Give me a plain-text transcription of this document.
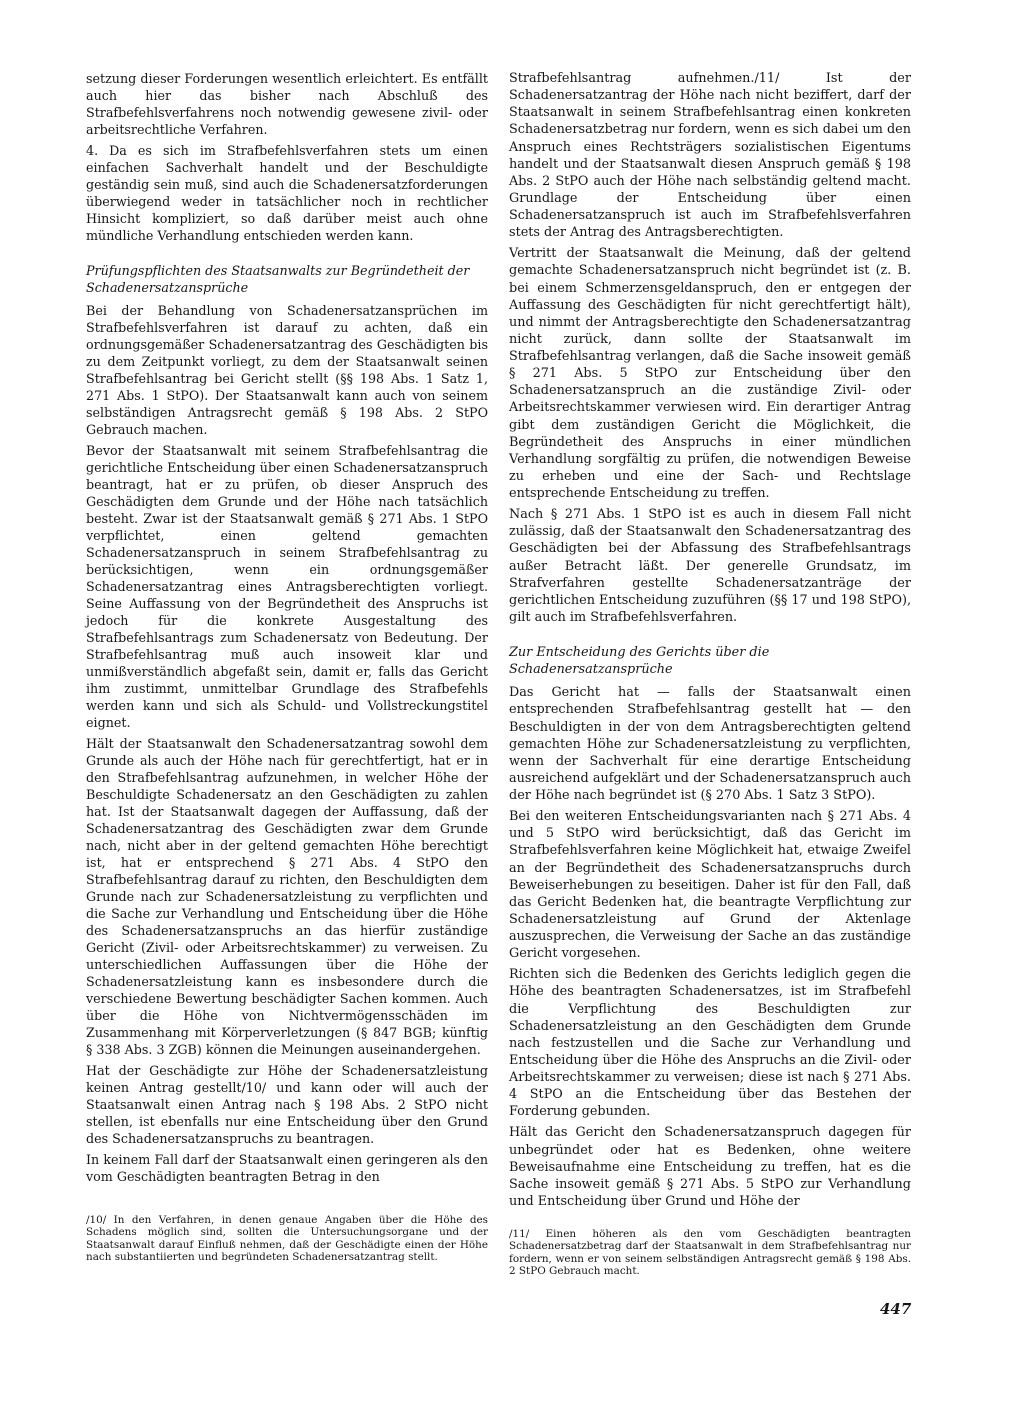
setzung dieser Forderungen wesentlich erleichtert. Es entfällt auch hier das bisher nach Abschluß des Strafbefehlsverfahrens noch notwendig gewesene zivil- oder arbeitsrechtliche Verfahren.

4. Da es sich im Strafbefehlsverfahren stets um einen einfachen Sachverhalt handelt und der Beschuldigte geständig sein muß, sind auch die Schadenersatzforderungen überwiegend weder in tatsächlicher noch in rechtlicher Hinsicht kompliziert, so daß darüber meist auch ohne mündliche Verhandlung entschieden werden kann.

Prüfungspflichten des Staatsanwalts zur Begründetheit der Schadenersatzansprüche

Bei der Behandlung von Schadenersatzansprüchen im Strafbefehlsverfahren ist darauf zu achten, daß ein ordnungsgemäßer Schadenersatzantrag des Geschädigten bis zu dem Zeitpunkt vorliegt, zu dem der Staatsanwalt seinen Strafbefehlsantrag bei Gericht stellt (§§ 198 Abs. 1 Satz 1, 271 Abs. 1 StPO). Der Staatsanwalt kann auch von seinem selbständigen Antragsrecht gemäß § 198 Abs. 2 StPO Gebrauch machen.

Bevor der Staatsanwalt mit seinem Strafbefehlsantrag die gerichtliche Entscheidung über einen Schadenersatzanspruch beantragt, hat er zu prüfen, ob dieser Anspruch des Geschädigten dem Grunde und der Höhe nach tatsächlich besteht. Zwar ist der Staatsanwalt gemäß § 271 Abs. 1 StPO verpflichtet, einen geltend gemachten Schadenersatzanspruch in seinem Strafbefehlsantrag zu berücksichtigen, wenn ein ordnungsgemäßer Schadenersatzantrag eines Antragsberechtigten vorliegt. Seine Auffassung von der Begründetheit des Anspruchs ist jedoch für die konkrete Ausgestaltung des Strafbefehlsantrags zum Schadenersatz von Bedeutung. Der Strafbefehlsantrag muß auch insoweit klar und unmißverständlich abgefaßt sein, damit er, falls das Gericht ihm zustimmt, unmittelbar Grundlage des Strafbefehls werden kann und sich als Schuld- und Vollstreckungstitel eignet.

Hält der Staatsanwalt den Schadenersatzantrag sowohl dem Grunde als auch der Höhe nach für gerechtfertigt, hat er in den Strafbefehlsantrag aufzunehmen, in welcher Höhe der Beschuldigte Schadenersatz an den Geschädigten zu zahlen hat. Ist der Staatsanwalt dagegen der Auffassung, daß der Schadenersatzantrag des Geschädigten zwar dem Grunde nach, nicht aber in der geltend gemachten Höhe berechtigt ist, hat er entsprechend § 271 Abs. 4 StPO den Strafbefehlsantrag darauf zu richten, den Beschuldigten dem Grunde nach zur Schadenersatzleistung zu verpflichten und die Sache zur Verhandlung und Entscheidung über die Höhe des Schadenersatzanspruchs an das hierfür zuständige Gericht (Zivil- oder Arbeitsrechtskammer) zu verweisen. Zu unterschiedlichen Auffassungen über die Höhe der Schadenersatzleistung kann es insbesondere durch die verschiedene Bewertung beschädigter Sachen kommen. Auch über die Höhe von Nichtvermögensschäden im Zusammenhang mit Körperverletzungen (§ 847 BGB; künftig § 338 Abs. 3 ZGB) können die Meinungen auseinandergehen.

Hat der Geschädigte zur Höhe der Schadenersatzleistung keinen Antrag gestellt/10/ und kann oder will auch der Staatsanwalt einen Antrag nach § 198 Abs. 2 StPO nicht stellen, ist ebenfalls nur eine Entscheidung über den Grund des Schadenersatzanspruchs zu beantragen.

In keinem Fall darf der Staatsanwalt einen geringeren als den vom Geschädigten beantragten Betrag in den

Strafbefehlsantrag aufnehmen./11/ Ist der Schadenersatzantrag der Höhe nach nicht beziffert, darf der Staatsanwalt in seinem Strafbefehlsantrag einen konkreten Schadenersatzbetrag nur fordern, wenn es sich dabei um den Anspruch eines Rechtsträgers sozialistischen Eigentums handelt und der Staatsanwalt diesen Anspruch gemäß § 198 Abs. 2 StPO auch der Höhe nach selbständig geltend macht. Grundlage der Entscheidung über einen Schadenersatzanspruch ist auch im Strafbefehlsverfahren stets der Antrag des Antragsberechtigten.

Vertritt der Staatsanwalt die Meinung, daß der geltend gemachte Schadenersatzanspruch nicht begründet ist (z. B. bei einem Schmerzensgeldanspruch, den er entgegen der Auffassung des Geschädigten für nicht gerechtfertigt hält), und nimmt der Antragsberechtigte den Schadenersatzantrag nicht zurück, dann sollte der Staatsanwalt im Strafbefehlsantrag verlangen, daß die Sache insoweit gemäß § 271 Abs. 5 StPO zur Entscheidung über den Schadenersatzanspruch an die zuständige Zivil- oder Arbeitsrechtskammer verwiesen wird. Ein derartiger Antrag gibt dem zuständigen Gericht die Möglichkeit, die Begründetheit des Anspruchs in einer mündlichen Verhandlung sorgfältig zu prüfen, die notwendigen Beweise zu erheben und eine der Sach- und Rechtslage entsprechende Entscheidung zu treffen.

Nach § 271 Abs. 1 StPO ist es auch in diesem Fall nicht zulässig, daß der Staatsanwalt den Schadenersatzantrag des Geschädigten bei der Abfassung des Strafbefehlsantrags außer Betracht läßt. Der generelle Grundsatz, im Strafverfahren gestellte Schadenersatzanträge der gerichtlichen Entscheidung zuzuführen (§§ 17 und 198 StPO), gilt auch im Strafbefehlsverfahren.

Zur Entscheidung des Gerichts über die Schadenersatzansprüche

Das Gericht hat — falls der Staatsanwalt einen entsprechenden Strafbefehlsantrag gestellt hat — den Beschuldigten in der von dem Antragsberechtigten geltend gemachten Höhe zur Schadenersatzleistung zu verpflichten, wenn der Sachverhalt für eine derartige Entscheidung ausreichend aufgeklärt und der Schadenersatzanspruch auch der Höhe nach begründet ist (§ 270 Abs. 1 Satz 3 StPO).

Bei den weiteren Entscheidungsvarianten nach § 271 Abs. 4 und 5 StPO wird berücksichtigt, daß das Gericht im Strafbefehlsverfahren keine Möglichkeit hat, etwaige Zweifel an der Begründetheit des Schadenersatzanspruchs durch Beweiserhebungen zu beseitigen. Daher ist für den Fall, daß das Gericht Bedenken hat, die beantragte Verpflichtung zur Schadenersatzleistung auf Grund der Aktenlage auszusprechen, die Verweisung der Sache an das zuständige Gericht vorgesehen.

Richten sich die Bedenken des Gerichts lediglich gegen die Höhe des beantragten Schadenersatzes, ist im Strafbefehl die Verpflichtung des Beschuldigten zur Schadenersatzleistung an den Geschädigten dem Grunde nach festzustellen und die Sache zur Verhandlung und Entscheidung über die Höhe des Anspruchs an die Zivil- oder Arbeitsrechtskammer zu verweisen; diese ist nach § 271 Abs. 4 StPO an die Entscheidung über das Bestehen der Forderung gebunden.

Hält das Gericht den Schadenersatzanspruch dagegen für unbegründet oder hat es Bedenken, ohne weitere Beweisaufnahme eine Entscheidung zu treffen, hat es die Sache insoweit gemäß § 271 Abs. 5 StPO zur Verhandlung und Entscheidung über Grund und Höhe der

/10/ In den Verfahren, in denen genaue Angaben über die Höhe des Schadens möglich sind, sollten die Untersuchungsorgane und der Staatsanwalt darauf Einfluß nehmen, daß der Geschädigte einen der Höhe nach substantiierten und begründeten Schadenersatzantrag stellt.

/11/ Einen höheren als den vom Geschädigten beantragten Schadenersatzbetrag darf der Staatsanwalt in dem Strafbefehlsantrag nur fordern, wenn er von seinem selbständigen Antragsrecht gemäß § 198 Abs. 2 StPO Gebrauch macht.

447
